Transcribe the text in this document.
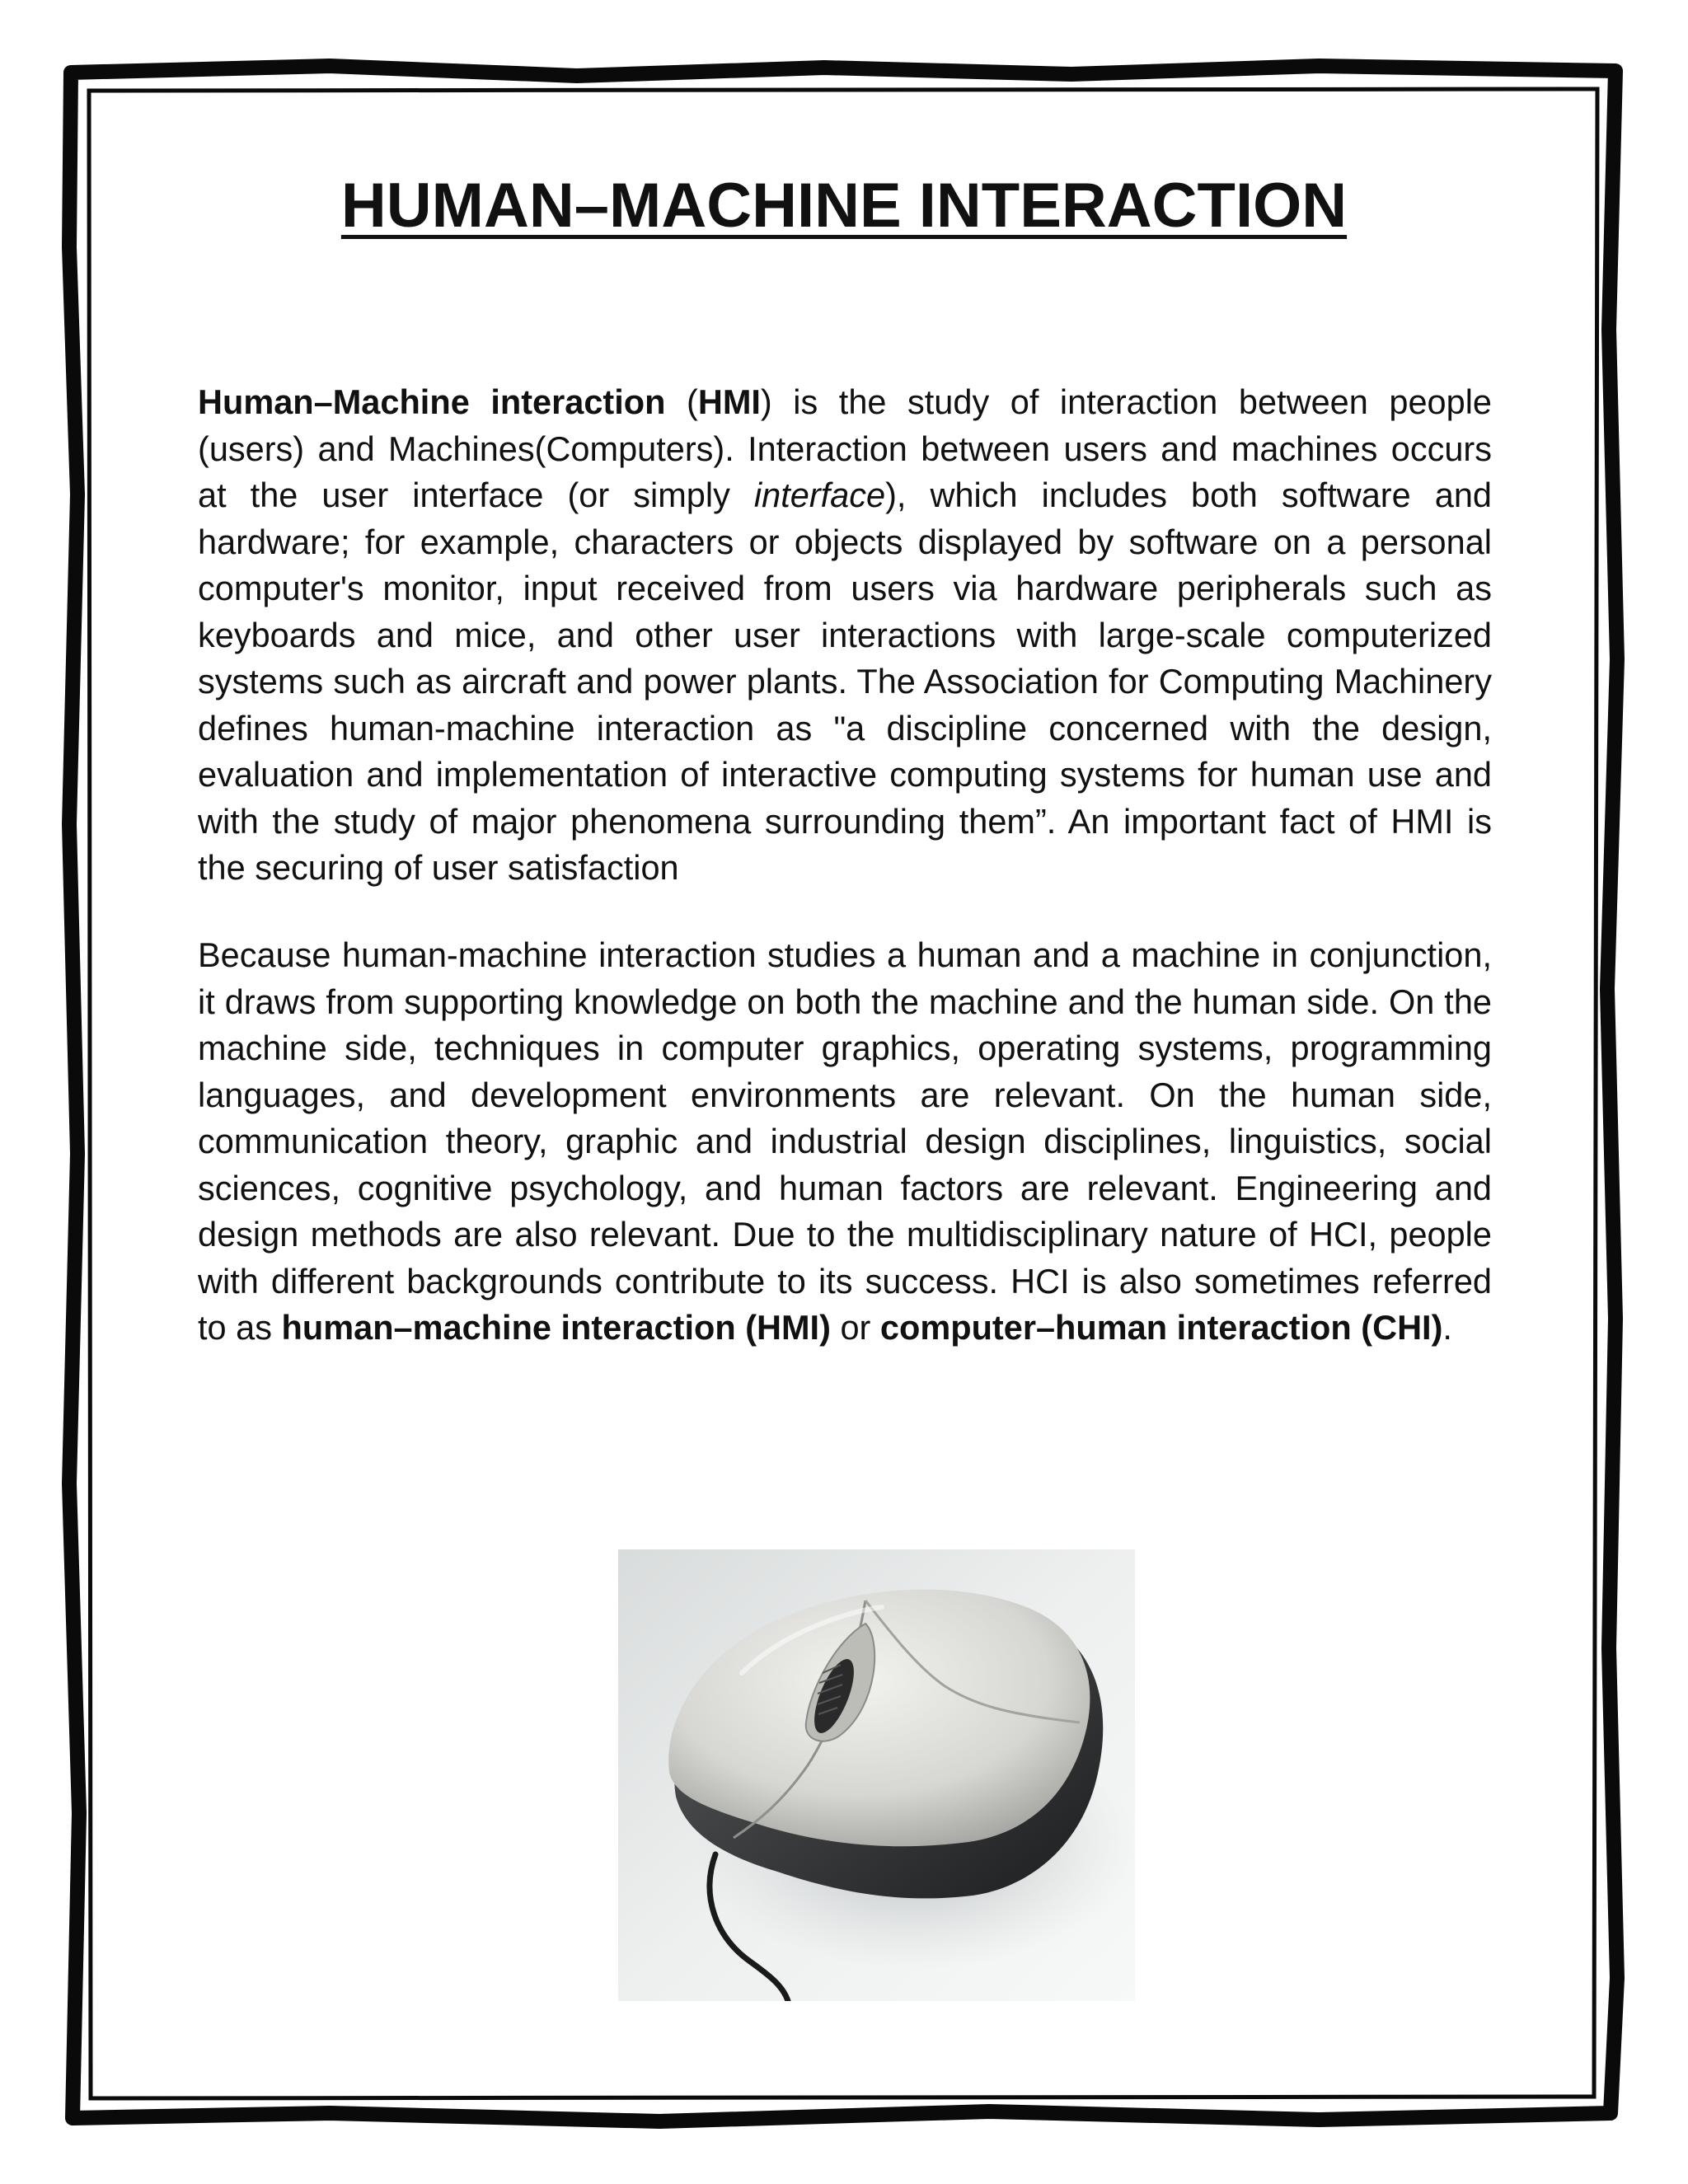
HUMAN–MACHINE INTERACTION

Human–Machine interaction (HMI) is the study of interaction between people (users) and Machines(Computers). Interaction between users and machines occurs at the user interface (or simply interface), which includes both software and hardware; for example, characters or objects displayed by software on a personal computer's monitor, input received from users via hardware peripherals such as keyboards and mice, and other user interactions with large-scale computerized systems such as aircraft and power plants. The Association for Computing Machinery defines human-machine interaction as "a discipline concerned with the design, evaluation and implementation of interactive computing systems for human use and with the study of major phenomena surrounding them”. An important fact of HMI is the securing of user satisfaction

Because human-machine interaction studies a human and a machine in conjunction, it draws from supporting knowledge on both the machine and the human side. On the machine side, techniques in computer graphics, operating systems, programming languages, and development environments are relevant. On the human side, communication theory, graphic and industrial design disciplines, linguistics, social sciences, cognitive psychology, and human factors are relevant. Engineering and design methods are also relevant. Due to the multidisciplinary nature of HCI, people with different backgrounds contribute to its success. HCI is also sometimes referred to as human–machine interaction (HMI) or computer–human interaction (CHI).
